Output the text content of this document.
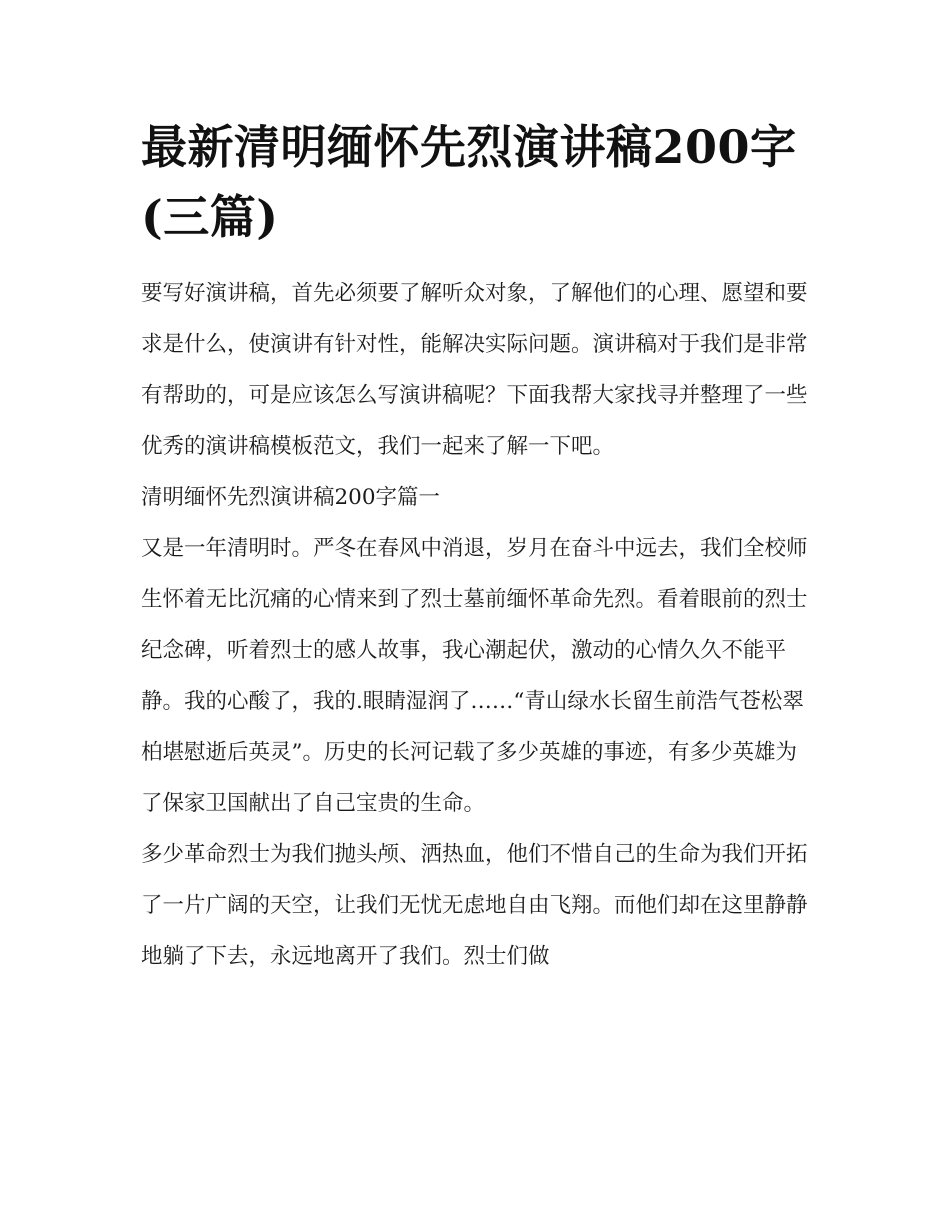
最新清明缅怀先烈演讲稿200字(三篇)

要写好演讲稿，首先必须要了解听众对象，了解他们的心理、愿望和要求是什么，使演讲有针对性，能解决实际问题。演讲稿对于我们是非常有帮助的，可是应该怎么写演讲稿呢？下面我帮大家找寻并整理了一些优秀的演讲稿模板范文，我们一起来了解一下吧。

清明缅怀先烈演讲稿200字篇一

又是一年清明时。严冬在春风中消退，岁月在奋斗中远去，我们全校师生怀着无比沉痛的心情来到了烈士墓前缅怀革命先烈。看着眼前的烈士纪念碑，听着烈士的感人故事，我心潮起伏，激动的心情久久不能平静。我的心酸了，我的.眼睛湿润了……“青山绿水长留生前浩气苍松翠柏堪慰逝后英灵”。历史的长河记载了多少英雄的事迹，有多少英雄为了保家卫国献出了自己宝贵的生命。

多少革命烈士为我们抛头颅、洒热血，他们不惜自己的生命为我们开拓了一片广阔的天空，让我们无忧无虑地自由飞翔。而他们却在这里静静地躺了下去，永远地离开了我们。烈士们做
